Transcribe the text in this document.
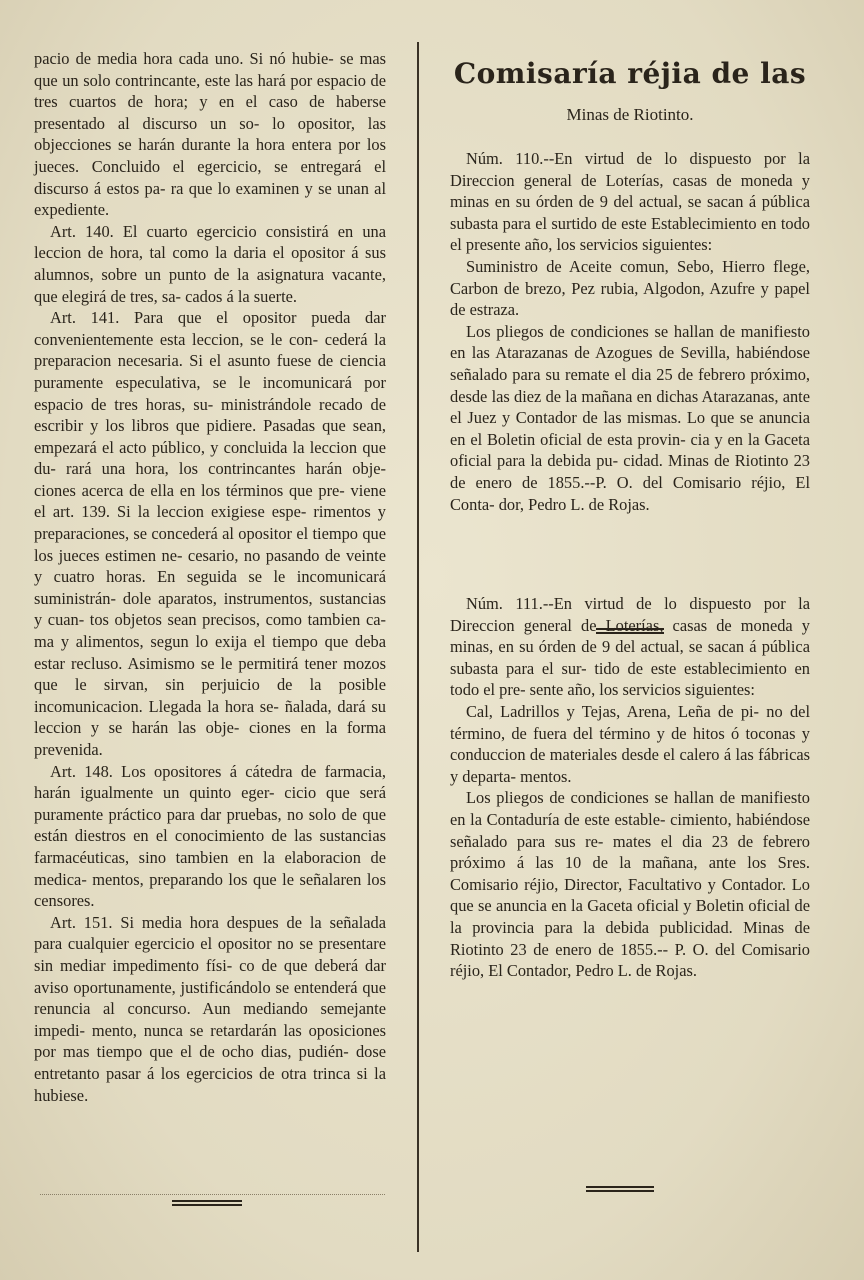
pacio de media hora cada uno. Si nó hubie- se mas que un solo contrincante, este las hará por espacio de tres cuartos de hora; y en el caso de haberse presentado al discurso un so- lo opositor, las objecciones se harán durante la hora entera por los jueces. Concluido el egercicio, se entregará el discurso á estos pa- ra que lo examinen y se unan al expediente.

Art. 140. El cuarto egercicio consistirá en una leccion de hora, tal como la daria el opositor á sus alumnos, sobre un punto de la asignatura vacante, que elegirá de tres, sa- cados á la suerte.

Art. 141. Para que el opositor pueda dar convenientemente esta leccion, se le con- cederá la preparacion necesaria. Si el asunto fuese de ciencia puramente especulativa, se le incomunicará por espacio de tres horas, su- ministrándole recado de escribir y los libros que pidiere. Pasadas que sean, empezará el acto público, y concluida la leccion que du- rará una hora, los contrincantes harán obje- ciones acerca de ella en los términos que pre- viene el art. 139. Si la leccion exigiese espe- rimentos y preparaciones, se concederá al opositor el tiempo que los jueces estimen ne- cesario, no pasando de veinte y cuatro horas. En seguida se le incomunicará suministrán- dole aparatos, instrumentos, sustancias y cuan- tos objetos sean precisos, como tambien ca- ma y alimentos, segun lo exija el tiempo que deba estar recluso. Asimismo se le permitirá tener mozos que le sirvan, sin perjuicio de la posible incomunicacion. Llegada la hora se- ñalada, dará su leccion y se harán las obje- ciones en la forma prevenida.

Art. 148. Los opositores á cátedra de farmacia, harán igualmente un quinto eger- cicio que será puramente práctico para dar pruebas, no solo de que están diestros en el conocimiento de las sustancias farmacéuticas, sino tambien en la elaboracion de medica- mentos, preparando los que le señalaren los censores.

Art. 151. Si media hora despues de la señalada para cualquier egercicio el opositor no se presentare sin mediar impedimento físi- co de que deberá dar aviso oportunamente, justificándolo se entenderá que renuncia al concurso. Aun mediando semejante impedi- mento, nunca se retardarán las oposiciones por mas tiempo que el de ocho dias, pudién- dose entretanto pasar á los egercicios de otra trinca si la hubiese.

Comisaría réjia de las
Minas de Riotinto.

Núm. 110.--En virtud de lo dispuesto por la Direccion general de Loterías, casas de moneda y minas en su órden de 9 del actual, se sacan á pública subasta para el surtido de este Establecimiento en todo el presente año, los servicios siguientes:

Suministro de Aceite comun, Sebo, Hierro flege, Carbon de brezo, Pez rubia, Algodon, Azufre y papel de estraza.

Los pliegos de condiciones se hallan de manifiesto en las Atarazanas de Azogues de Sevilla, habiéndose señalado para su remate el dia 25 de febrero próximo, desde las diez de la mañana en dichas Atarazanas, ante el Juez y Contador de las mismas. Lo que se anuncia en el Boletin oficial de esta provin- cia y en la Gaceta oficial para la debida pu- cidad. Minas de Riotinto 23 de enero de 1855.--P. O. del Comisario réjio, El Conta- dor, Pedro L. de Rojas.

Núm. 111.--En virtud de lo dispuesto por la Direccion general de Loterías, casas de moneda y minas, en su órden de 9 del actual, se sacan á pública subasta para el sur- tido de este establecimiento en todo el pre- sente año, los servicios siguientes:

Cal, Ladrillos y Tejas, Arena, Leña de pi- no del término, de fuera del término y de hitos ó toconas y conduccion de materiales desde el calero á las fábricas y departa- mentos.

Los pliegos de condiciones se hallan de manifiesto en la Contaduría de este estable- cimiento, habiéndose señalado para sus re- mates el dia 23 de febrero próximo á las 10 de la mañana, ante los Sres. Comisario réjio, Director, Facultativo y Contador. Lo que se anuncia en la Gaceta oficial y Boletin oficial de la provincia para la debida publicidad. Minas de Riotinto 23 de enero de 1855.-- P. O. del Comisario réjio, El Contador, Pedro L. de Rojas.
